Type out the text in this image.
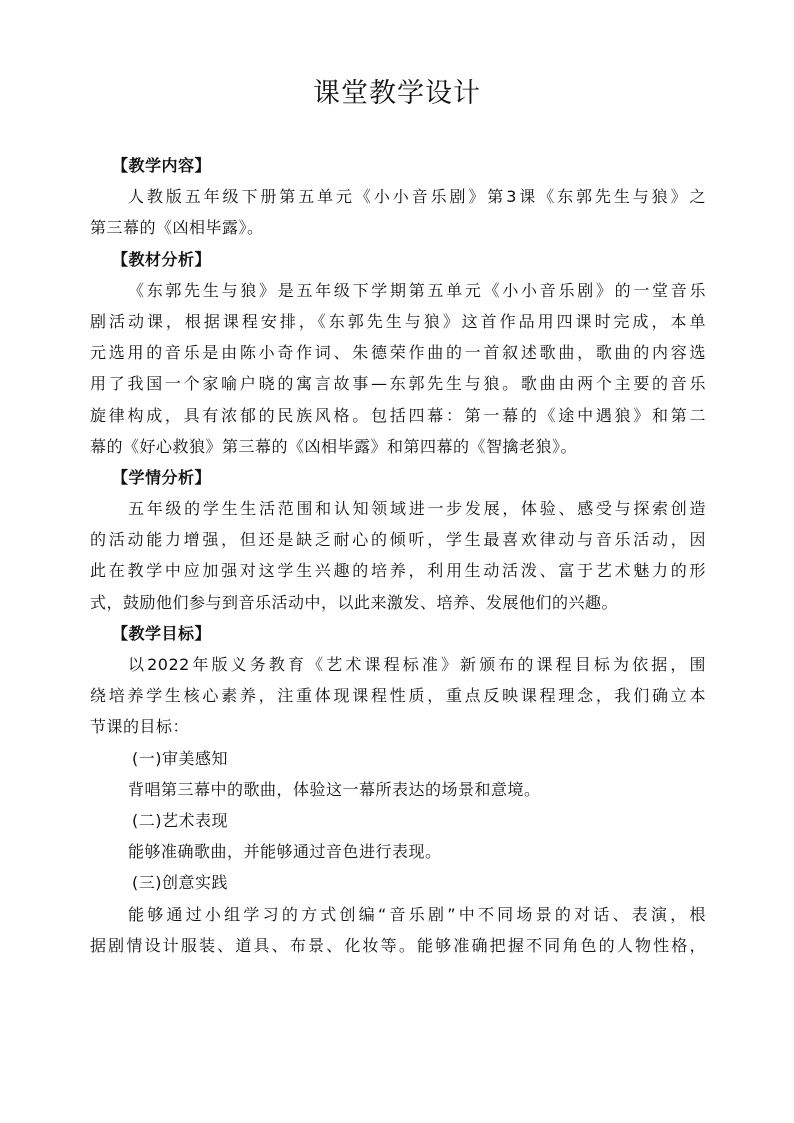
课堂教学设计
【教学内容】
人教版五年级下册第五单元《小小音乐剧》第3课《东郭先生与狼》之
第三幕的《凶相毕露》。
【教材分析】
《东郭先生与狼》是五年级下学期第五单元《小小音乐剧》的一堂音乐
剧活动课，根据课程安排，《东郭先生与狼》这首作品用四课时完成，本单
元选用的音乐是由陈小奇作词、朱德荣作曲的一首叙述歌曲，歌曲的内容选
用了我国一个家喻户晓的寓言故事—东郭先生与狼。歌曲由两个主要的音乐
旋律构成，具有浓郁的民族风格。包括四幕：第一幕的《途中遇狼》和第二
幕的《好心救狼》第三幕的《凶相毕露》和第四幕的《智擒老狼》。
【学情分析】
五年级的学生生活范围和认知领域进一步发展，体验、感受与探索创造
的活动能力增强，但还是缺乏耐心的倾听，学生最喜欢律动与音乐活动，因
此在教学中应加强对这学生兴趣的培养，利用生动活泼、富于艺术魅力的形
式，鼓励他们参与到音乐活动中，以此来激发、培养、发展他们的兴趣。
【教学目标】
以2022年版义务教育《艺术课程标准》新颁布的课程目标为依据，围
绕培养学生核心素养，注重体现课程性质，重点反映课程理念，我们确立本
节课的目标：
(一)审美感知
背唱第三幕中的歌曲，体验这一幕所表达的场景和意境。
(二)艺术表现
能够准确歌曲，并能够通过音色进行表现。
(三)创意实践
能够通过小组学习的方式创编“音乐剧”中不同场景的对话、表演，根
据剧情设计服装、道具、布景、化妆等。能够准确把握不同角色的人物性格，
